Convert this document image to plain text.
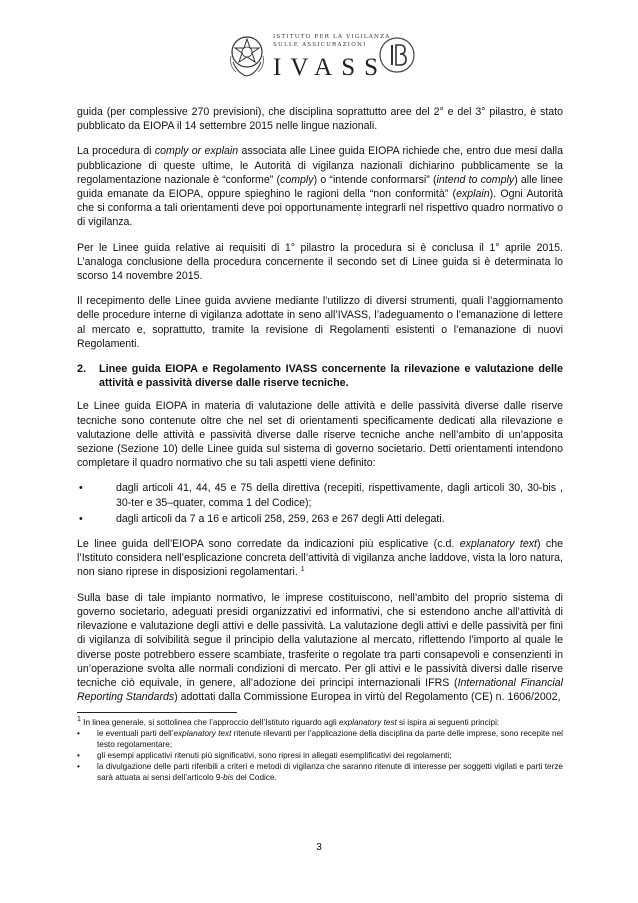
ISTITUTO PER LA VIGILANZA
SULLE ASSICURAZIONI
IVASS

guida (per complessive 270 previsioni), che disciplina soprattutto aree del 2° e del 3° pilastro, è stato pubblicato da EIOPA il 14 settembre 2015 nelle lingue nazionali.

La procedura di comply or explain associata alle Linee guida EIOPA richiede che, entro due mesi dalla pubblicazione di queste ultime, le Autorità di vigilanza nazionali dichiarino pubblicamente se la regolamentazione nazionale è “conforme” (comply) o “intende conformarsi” (intend to comply) alle linee guida emanate da EIOPA, oppure spieghino le ragioni della “non conformità” (explain). Ogni Autorità che si conforma a tali orientamenti deve poi opportunamente integrarli nel rispettivo quadro normativo o di vigilanza.

Per le Linee guida relative ai requisiti di 1° pilastro la procedura si è conclusa il 1° aprile 2015. L’analoga conclusione della procedura concernente il secondo set di Linee guida si è determinata lo scorso 14 novembre 2015.

Il recepimento delle Linee guida avviene mediante l’utilizzo di diversi strumenti, quali l’aggiornamento delle procedure interne di vigilanza adottate in seno all’IVASS, l’adeguamento o l’emanazione di lettere al mercato e, soprattutto, tramite la revisione di Regolamenti esistenti o l’emanazione di nuovi Regolamenti.

2.	Linee guida EIOPA e Regolamento IVASS concernente la rilevazione e valutazione delle attività e passività diverse dalle riserve tecniche.

Le Linee guida EIOPA in materia di valutazione delle attività e delle passività diverse dalle riserve tecniche sono contenute oltre che nel set di orientamenti specificamente dedicati alla rilevazione e valutazione delle attività e passività diverse dalle riserve tecniche anche nell’ambito di un’apposita sezione (Sezione 10) delle Linee guida sul sistema di governo societario. Detti orientamenti intendono completare il quadro normativo che su tali aspetti viene definito:

•	dagli articoli 41, 44, 45 e 75 della direttiva (recepiti, rispettivamente, dagli articoli 30, 30-bis , 30-ter e 35–quater, comma 1 del Codice);
•	dagli articoli da 7 a 16 e articoli 258, 259, 263 e 267 degli Atti delegati.

Le linee guida dell’EIOPA sono corredate da indicazioni più esplicative (c.d. explanatory text) che l’Istituto considera nell’esplicazione concreta dell’attività di vigilanza anche laddove, vista la loro natura, non siano riprese in disposizioni regolamentari. $^1$

Sulla base di tale impianto normativo, le imprese costituiscono, nell’ambito del proprio sistema di governo societario, adeguati presidi organizzativi ed informativi, che si estendono anche all’attività di rilevazione e valutazione degli attivi e delle passività. La valutazione degli attivi e delle passività per fini di vigilanza di solvibilità segue il principio della valutazione al mercato, riflettendo l’importo al quale le diverse poste potrebbero essere scambiate, trasferite o regolate tra parti consapevoli e consenzienti in un’operazione svolta alle normali condizioni di mercato. Per gli attivi e le passività diversi dalle riserve tecniche ciò equivale, in genere, all’adozione dei principi internazionali IFRS (International Financial Reporting Standards) adottati dalla Commissione Europea in virtù del Regolamento (CE) n. 1606/2002,

$^1$ In linea generale, si sottolinea che l’approccio dell’Istituto riguardo agli explanatory test si ispira ai seguenti principi:

•	le eventuali parti dell’explanatory text ritenute rilevanti per l’applicazione della disciplina da parte delle imprese, sono recepite nel testo regolamentare;
•	gli esempi applicativi ritenuti più significativi, sono ripresi in allegati esemplificativi dei regolamenti;
•	la divulgazione delle parti riferibili a criteri e metodi di vigilanza che saranno ritenute di interesse per soggetti vigilati e parti terze sarà attuata ai sensi dell’articolo 9-bis del Codice.
3
